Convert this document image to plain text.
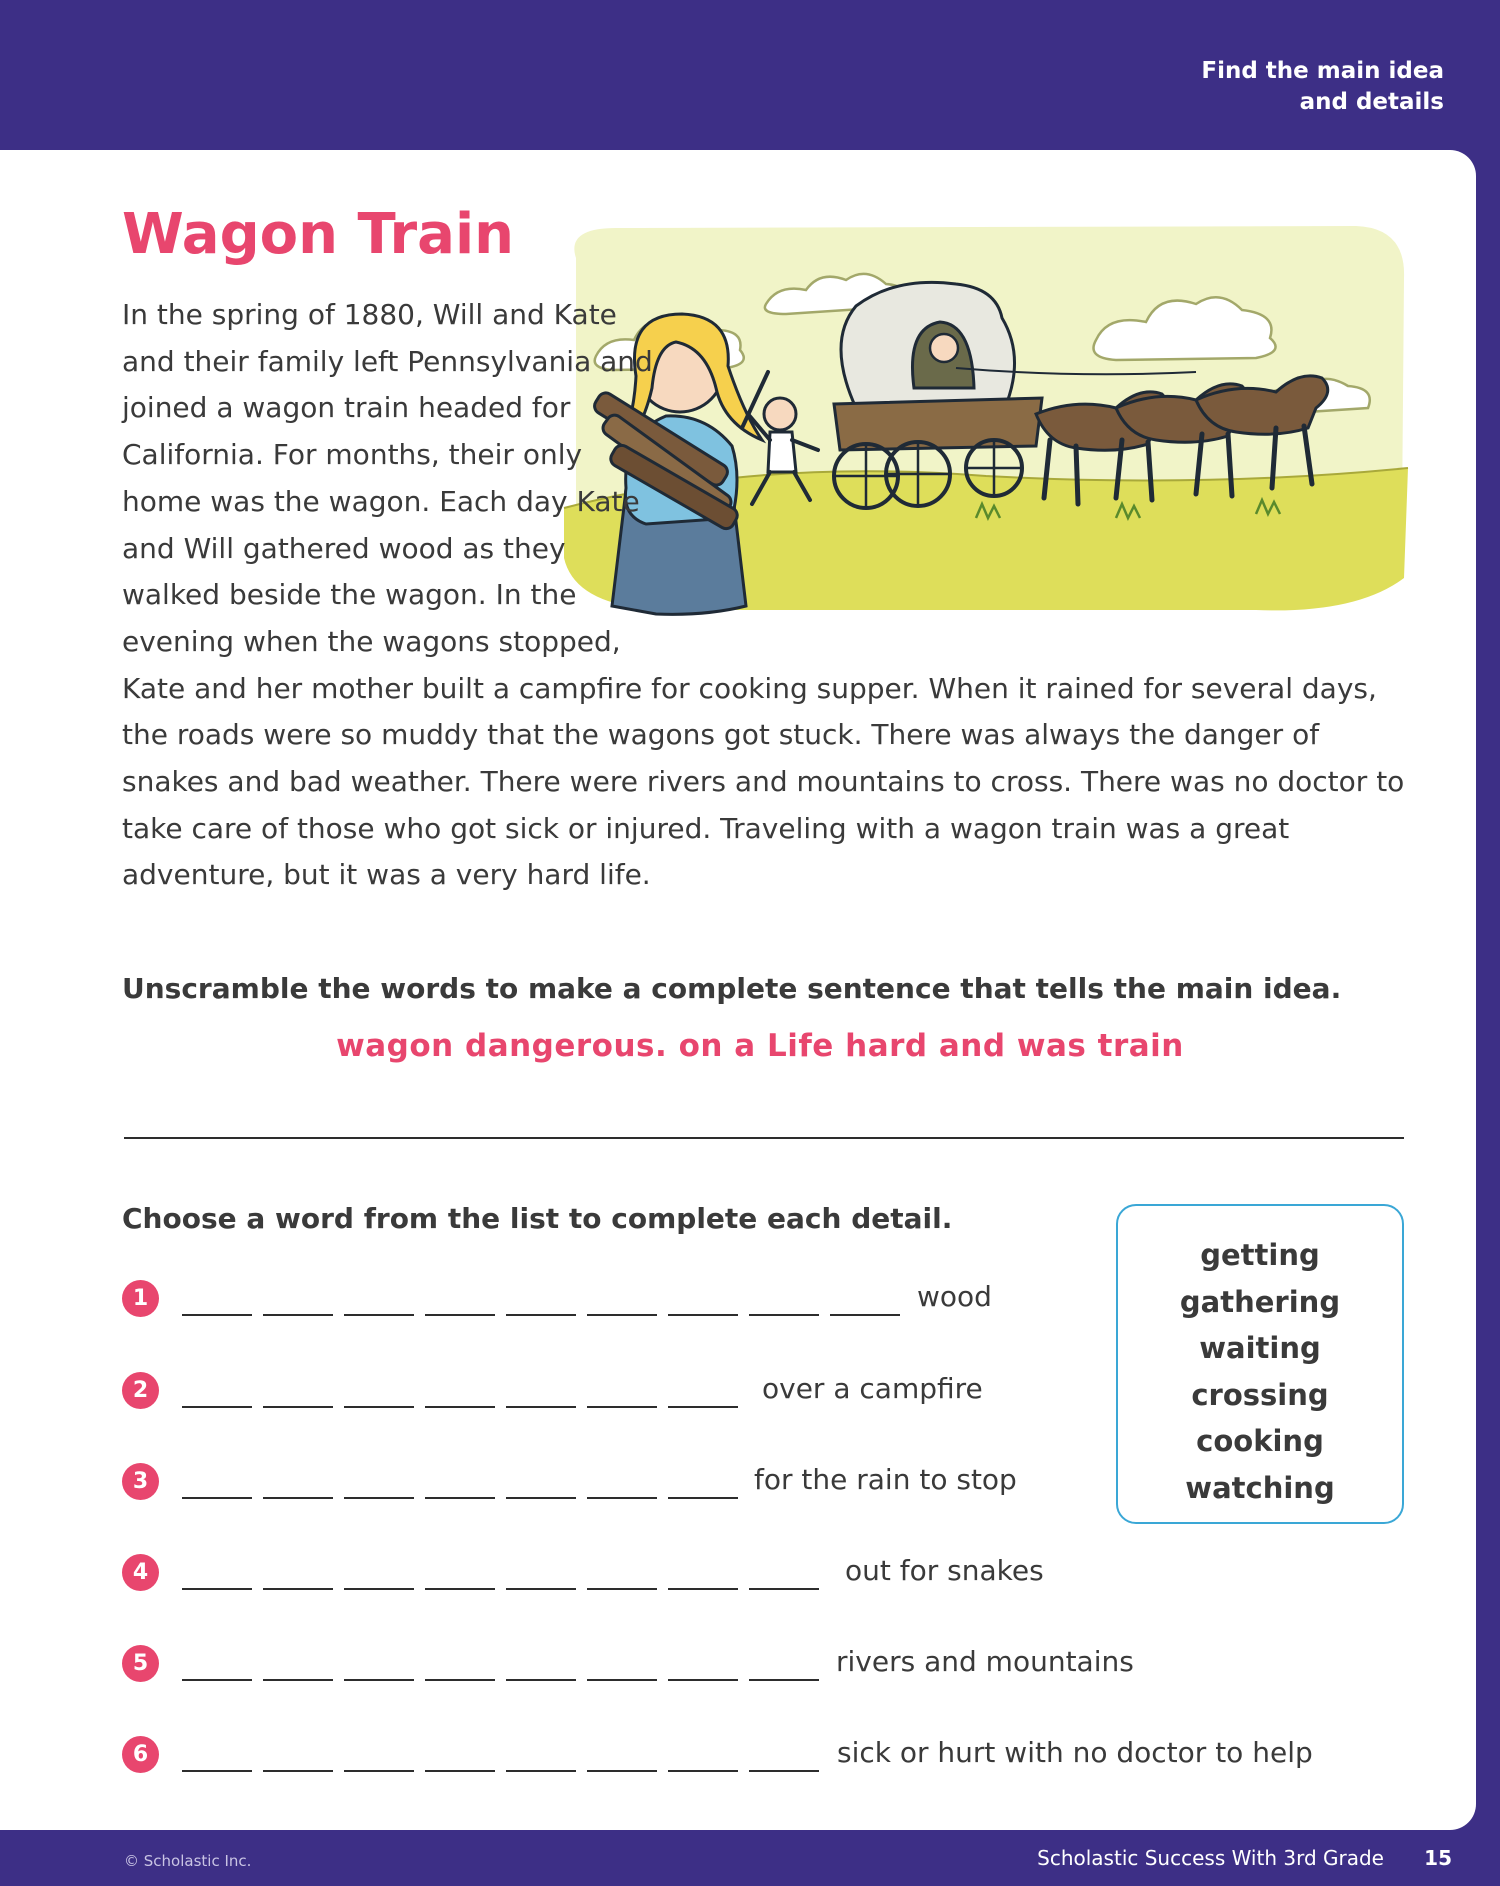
Find the main idea
and details
Wagon Train

In the spring of 1880, Will and Kate and their family left Pennsylvania and joined a wagon train headed for California. For months, their only home was the wagon. Each day Kate and Will gathered wood as they walked beside the wagon. In the evening when the wagons stopped, Kate and her mother built a campfire for cooking supper. When it rained for several days, the roads were so muddy that the wagons got stuck. There was always the danger of snakes and bad weather. There were rivers and mountains to cross. There was no doctor to take care of those who got sick or injured. Traveling with a wagon train was a great adventure, but it was a very hard life.

Unscramble the words to make a complete sentence that tells the main idea.

wagon dangerous. on a Life hard and was train

Choose a word from the list to complete each detail.

1	wood
2	over a campfire
3	for the rain to stop
4	out for snakes
5	rivers and mountains
6	sick or hurt with no doctor to help
getting
gathering
waiting
crossing
cooking
watching
© Scholastic Inc.	Scholastic Success With 3rd Grade 15
